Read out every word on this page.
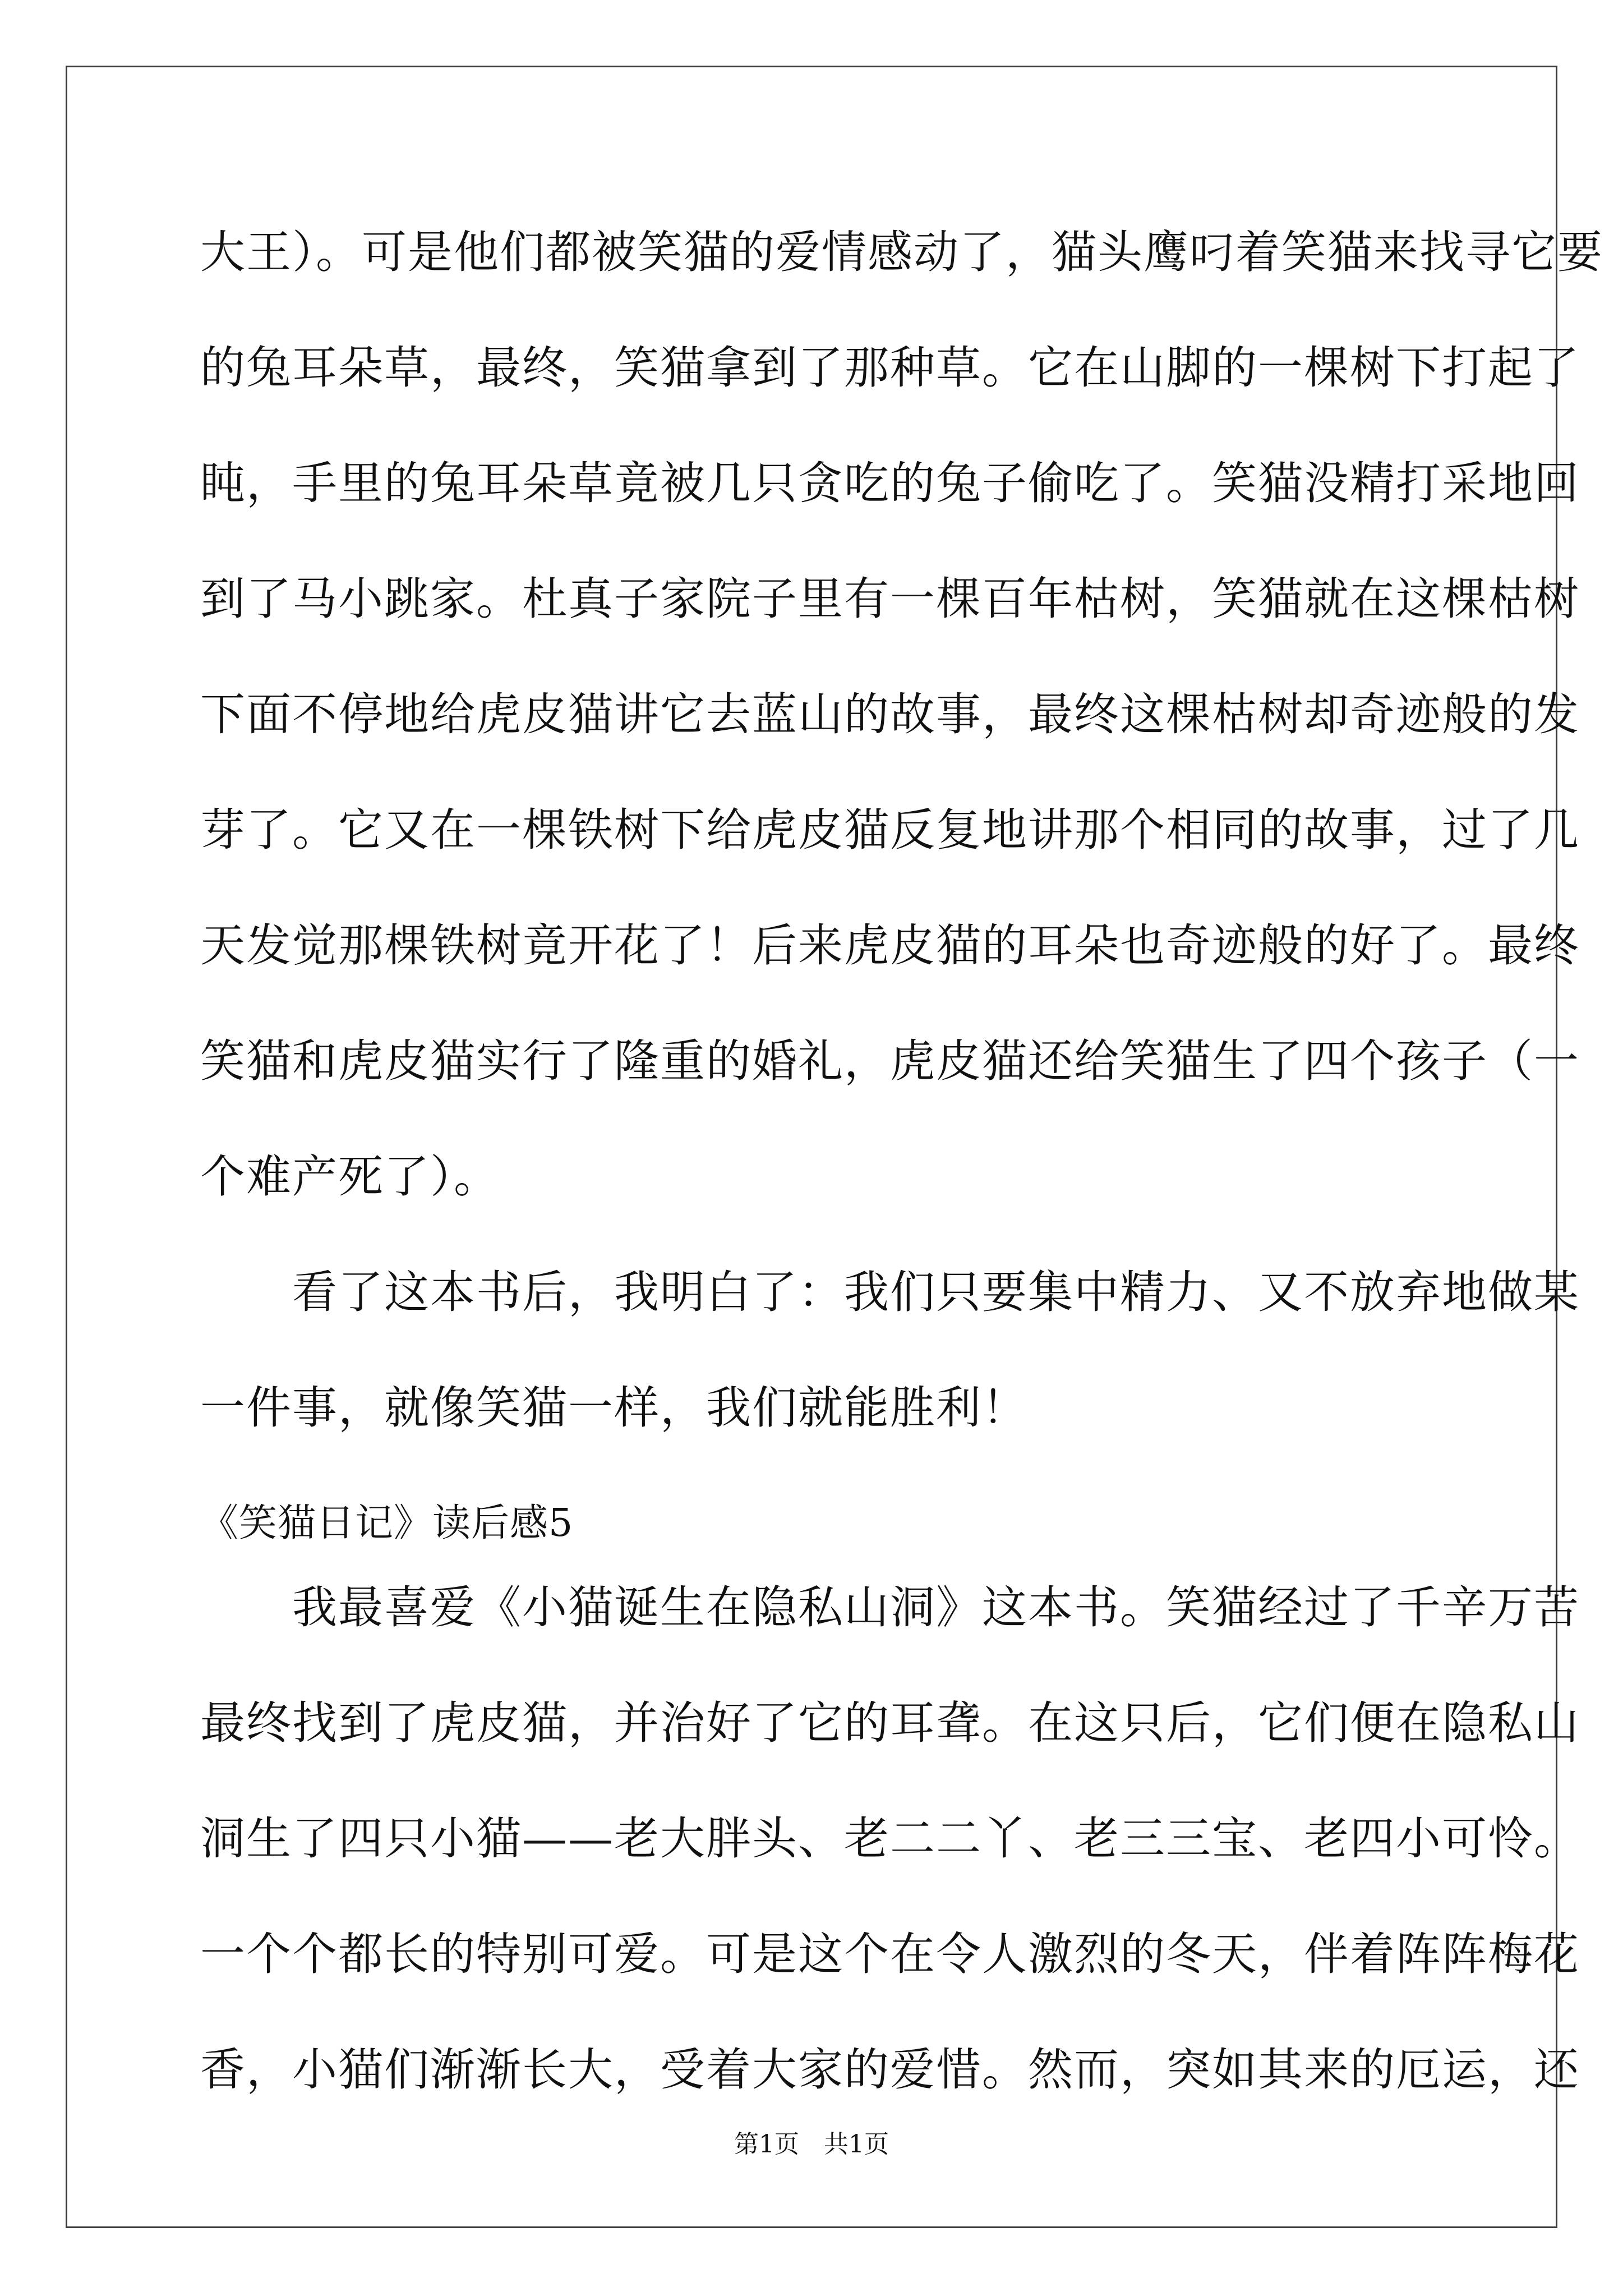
大王）。可是他们都被笑猫的爱情感动了，猫头鹰叼着笑猫来找寻它要
的兔耳朵草，最终，笑猫拿到了那种草。它在山脚的一棵树下打起了
盹，手里的兔耳朵草竟被几只贪吃的兔子偷吃了。笑猫没精打采地回
到了马小跳家。杜真子家院子里有一棵百年枯树，笑猫就在这棵枯树
下面不停地给虎皮猫讲它去蓝山的故事，最终这棵枯树却奇迹般的发
芽了。它又在一棵铁树下给虎皮猫反复地讲那个相同的故事，过了几
天发觉那棵铁树竟开花了！后来虎皮猫的耳朵也奇迹般的好了。最终
笑猫和虎皮猫实行了隆重的婚礼，虎皮猫还给笑猫生了四个孩子（一
个难产死了）。
　　看了这本书后，我明白了：我们只要集中精力、又不放弃地做某
一件事，就像笑猫一样，我们就能胜利！
《笑猫日记》读后感5
　　我最喜爱《小猫诞生在隐私山洞》这本书。笑猫经过了千辛万苦
最终找到了虎皮猫，并治好了它的耳聋。在这只后，它们便在隐私山
洞生了四只小猫——老大胖头、老二二丫、老三三宝、老四小可怜。
一个个都长的特别可爱。可是这个在令人激烈的冬天，伴着阵阵梅花
香，小猫们渐渐长大，受着大家的爱惜。然而，突如其来的厄运，还
第1页　共1页
